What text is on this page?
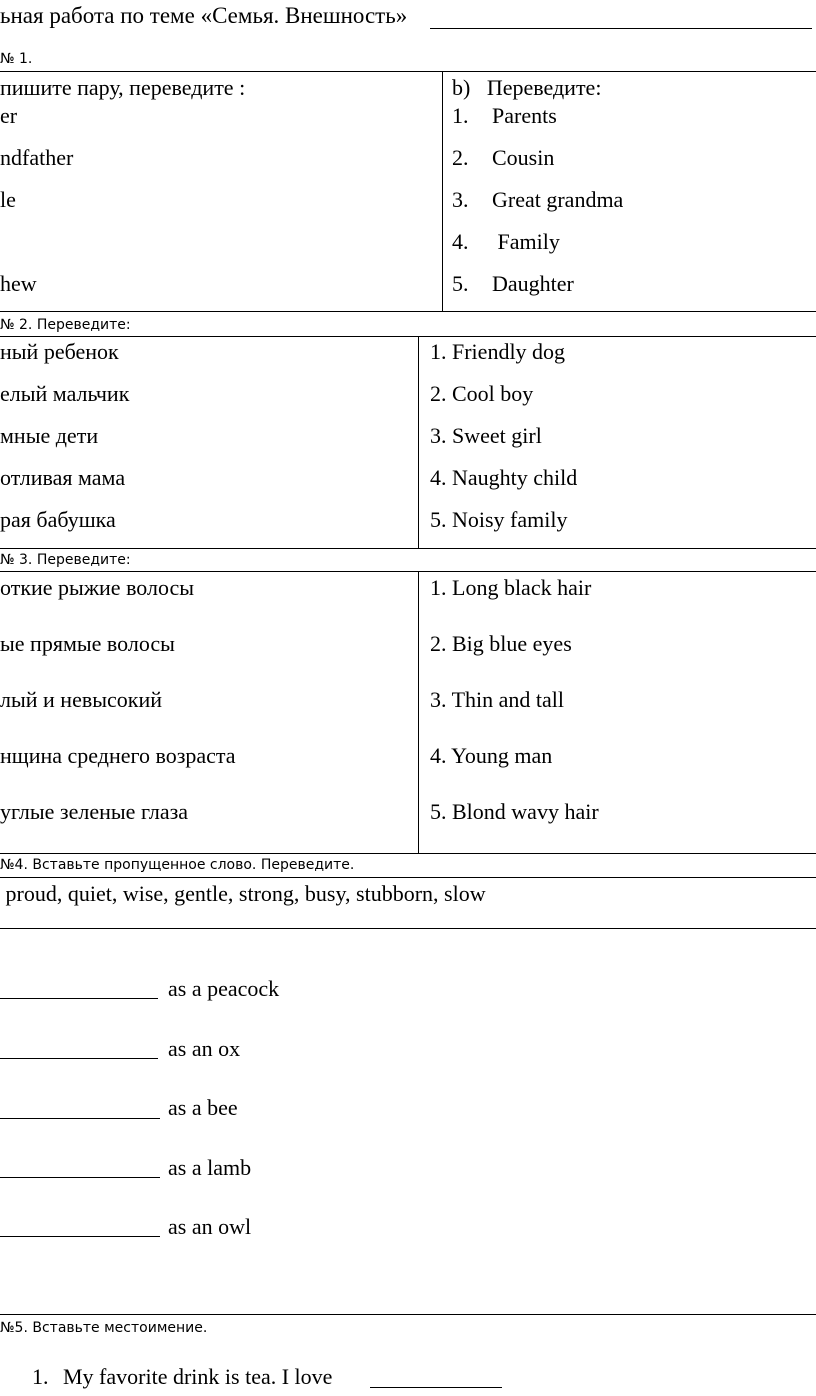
ьная работа по теме «Семья. Внешность»
№ 1.
пишите пару, переведите :
er
ndfather
le
hew
b)   Переведите:
1. Parents
2. Cousin
3. Great grandma
4. Family
5. Daughter
№ 2. Переведите:
ный ребенок
елый мальчик
мные дети
отливая мама
рая бабушка
1. Friendly dog
2. Cool boy
3. Sweet girl
4. Naughty child
5. Noisy family
№ 3. Переведите:
откие рыжие волосы
ые прямые волосы
лый и невысокий
нщина среднего возраста
углые зеленые глаза
1. Long black hair
2. Big blue eyes
3. Thin and tall
4. Young man
5. Blond wavy hair
№4. Вставьте пропущенное слово. Переведите.
proud, quiet, wise, gentle, strong, busy, stubborn, slow
as a peacock
as an ox
as a bee
as a lamb
as an owl
№5. Вставьте местоимение.
1. My favorite drink is tea. I love
